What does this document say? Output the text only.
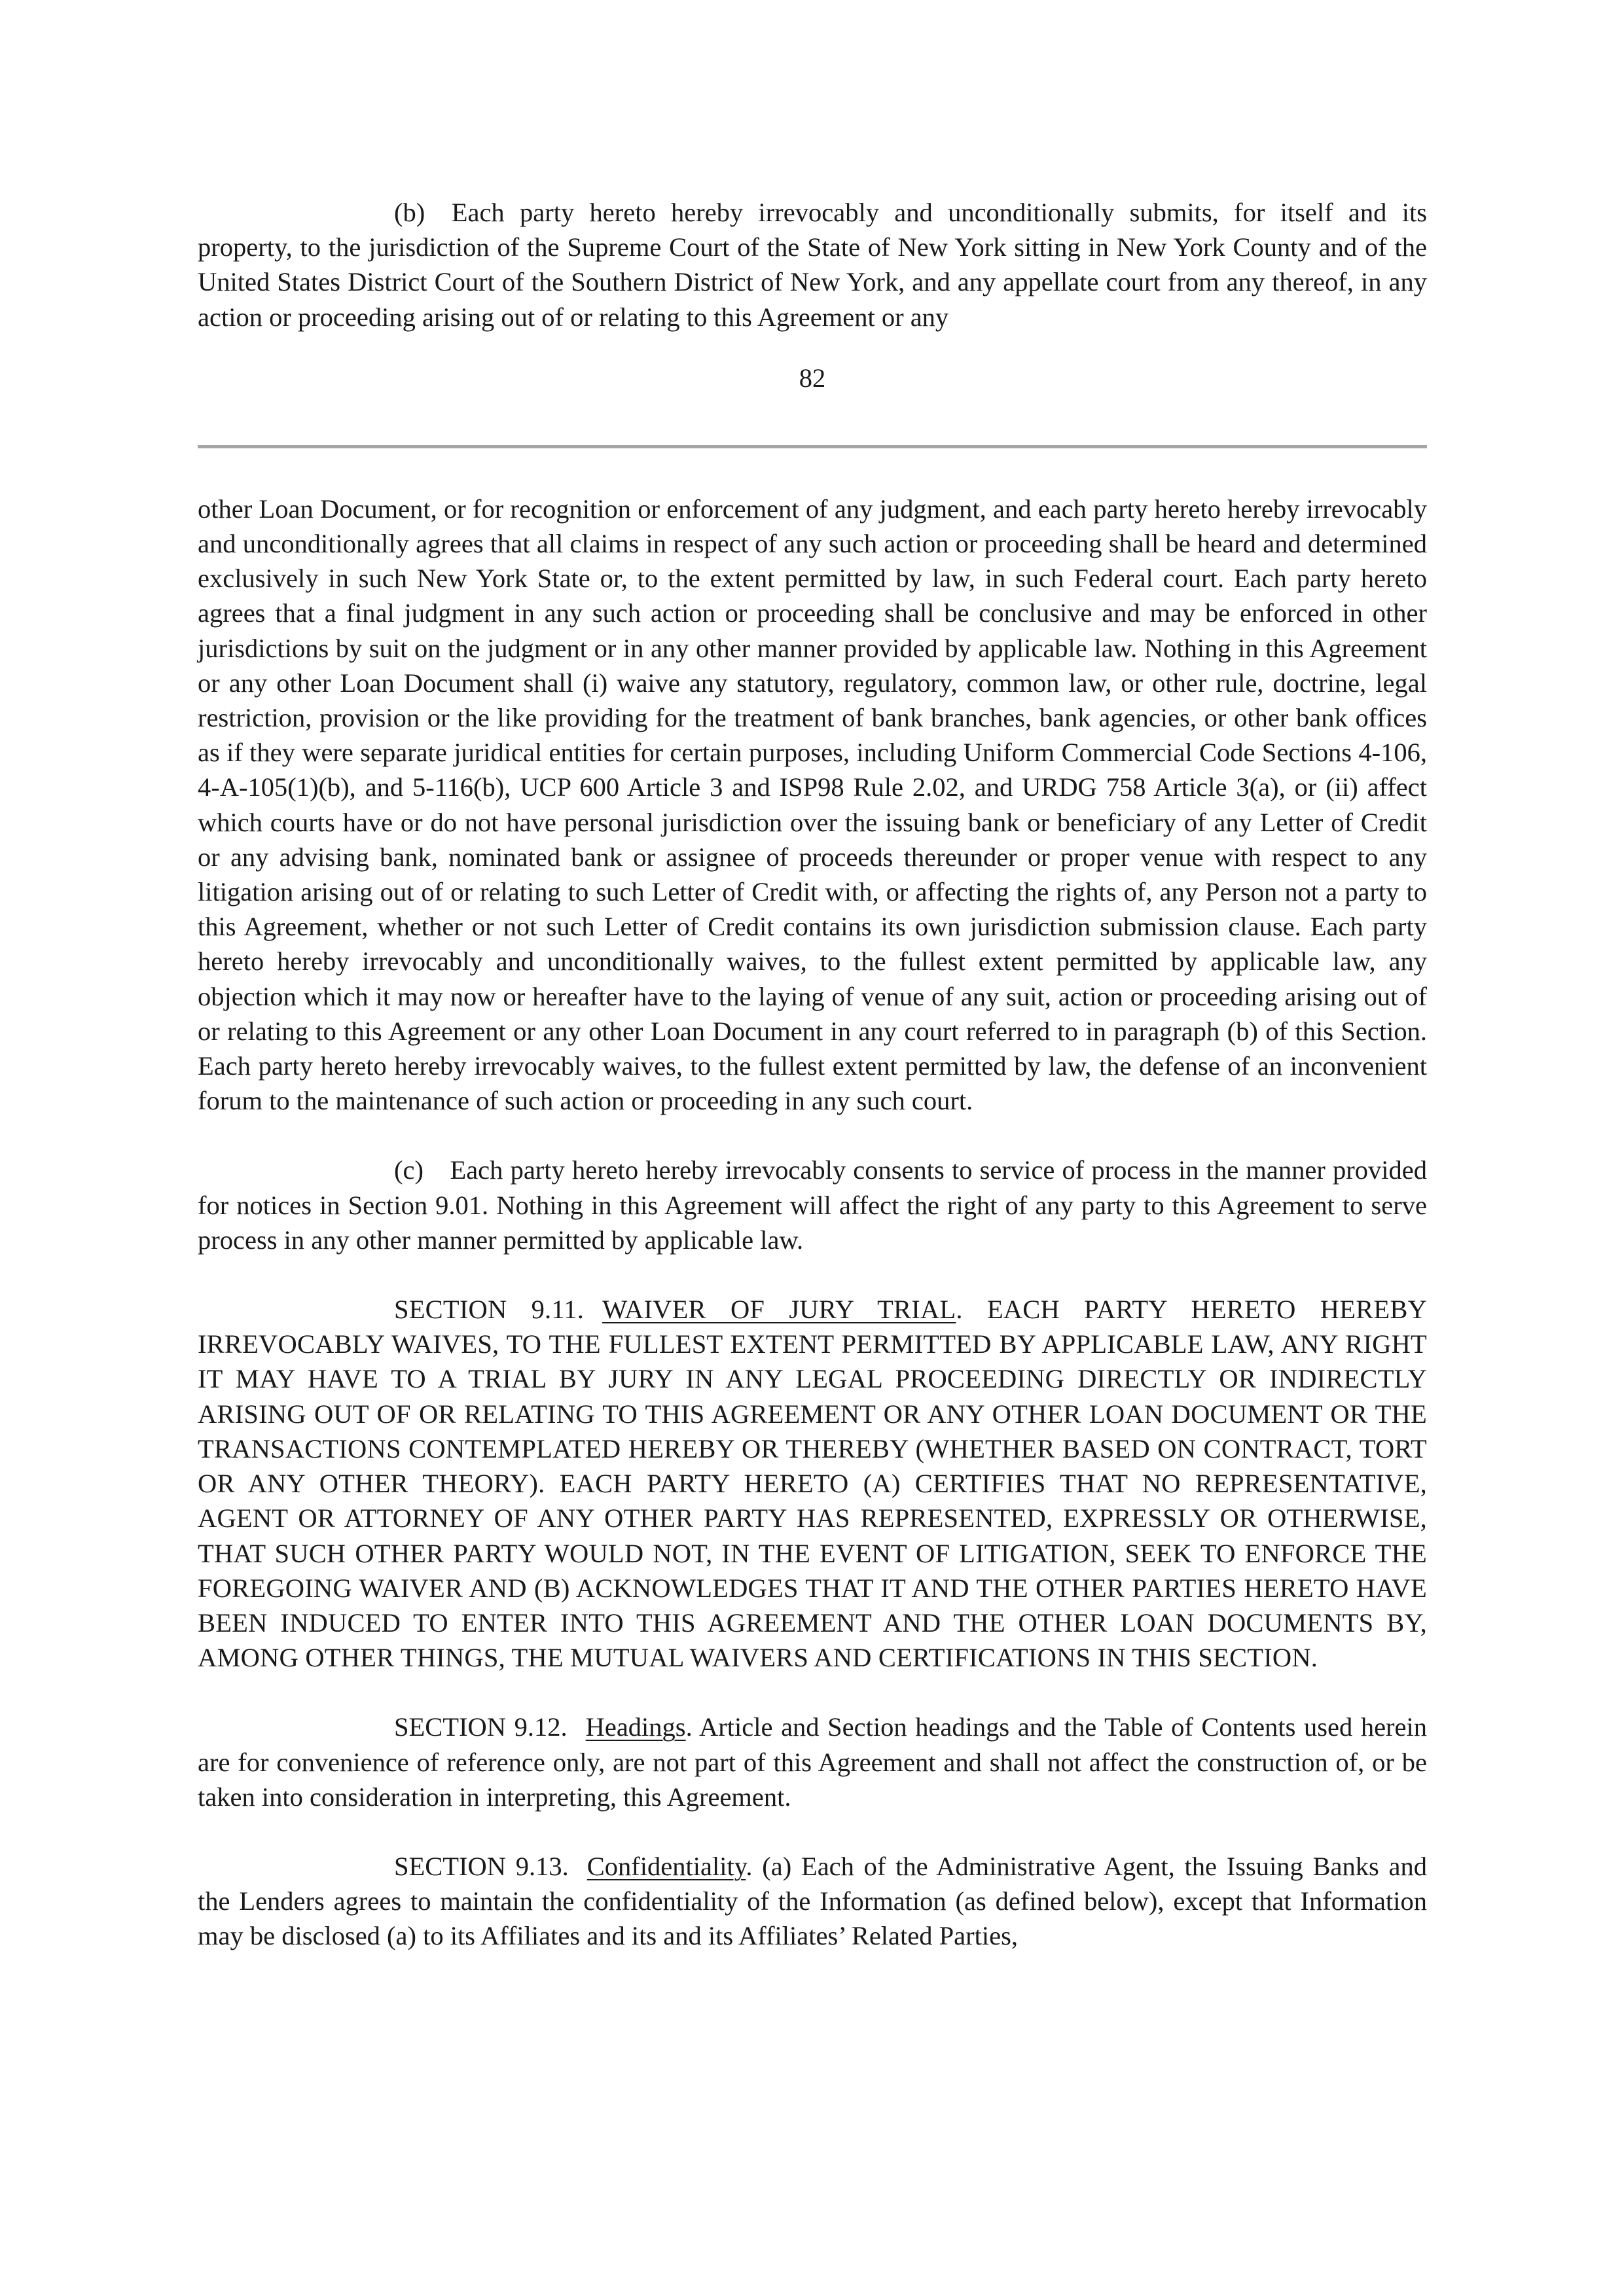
(b) Each party hereto hereby irrevocably and unconditionally submits, for itself and its property, to the jurisdiction of the Supreme Court of the State of New York sitting in New York County and of the United States District Court of the Southern District of New York, and any appellate court from any thereof, in any action or proceeding arising out of or relating to this Agreement or any

82

other Loan Document, or for recognition or enforcement of any judgment, and each party hereto hereby irrevocably and unconditionally agrees that all claims in respect of any such action or proceeding shall be heard and determined exclusively in such New York State or, to the extent permitted by law, in such Federal court. Each party hereto agrees that a final judgment in any such action or proceeding shall be conclusive and may be enforced in other jurisdictions by suit on the judgment or in any other manner provided by applicable law. Nothing in this Agreement or any other Loan Document shall (i) waive any statutory, regulatory, common law, or other rule, doctrine, legal restriction, provision or the like providing for the treatment of bank branches, bank agencies, or other bank offices as if they were separate juridical entities for certain purposes, including Uniform Commercial Code Sections 4-106, 4-A-105(1)(b), and 5-116(b), UCP 600 Article 3 and ISP98 Rule 2.02, and URDG 758 Article 3(a), or (ii) affect which courts have or do not have personal jurisdiction over the issuing bank or beneficiary of any Letter of Credit or any advising bank, nominated bank or assignee of proceeds thereunder or proper venue with respect to any litigation arising out of or relating to such Letter of Credit with, or affecting the rights of, any Person not a party to this Agreement, whether or not such Letter of Credit contains its own jurisdiction submission clause. Each party hereto hereby irrevocably and unconditionally waives, to the fullest extent permitted by applicable law, any objection which it may now or hereafter have to the laying of venue of any suit, action or proceeding arising out of or relating to this Agreement or any other Loan Document in any court referred to in paragraph (b) of this Section. Each party hereto hereby irrevocably waives, to the fullest extent permitted by law, the defense of an inconvenient forum to the maintenance of such action or proceeding in any such court.

(c) Each party hereto hereby irrevocably consents to service of process in the manner provided for notices in Section 9.01. Nothing in this Agreement will affect the right of any party to this Agreement to serve process in any other manner permitted by applicable law.

SECTION 9.11. WAIVER OF JURY TRIAL. EACH PARTY HERETO HEREBY IRREVOCABLY WAIVES, TO THE FULLEST EXTENT PERMITTED BY APPLICABLE LAW, ANY RIGHT IT MAY HAVE TO A TRIAL BY JURY IN ANY LEGAL PROCEEDING DIRECTLY OR INDIRECTLY ARISING OUT OF OR RELATING TO THIS AGREEMENT OR ANY OTHER LOAN DOCUMENT OR THE TRANSACTIONS CONTEMPLATED HEREBY OR THEREBY (WHETHER BASED ON CONTRACT, TORT OR ANY OTHER THEORY). EACH PARTY HERETO (A) CERTIFIES THAT NO REPRESENTATIVE, AGENT OR ATTORNEY OF ANY OTHER PARTY HAS REPRESENTED, EXPRESSLY OR OTHERWISE, THAT SUCH OTHER PARTY WOULD NOT, IN THE EVENT OF LITIGATION, SEEK TO ENFORCE THE FOREGOING WAIVER AND (B) ACKNOWLEDGES THAT IT AND THE OTHER PARTIES HERETO HAVE BEEN INDUCED TO ENTER INTO THIS AGREEMENT AND THE OTHER LOAN DOCUMENTS BY, AMONG OTHER THINGS, THE MUTUAL WAIVERS AND CERTIFICATIONS IN THIS SECTION.

SECTION 9.12. Headings. Article and Section headings and the Table of Contents used herein are for convenience of reference only, are not part of this Agreement and shall not affect the construction of, or be taken into consideration in interpreting, this Agreement.

SECTION 9.13. Confidentiality. (a) Each of the Administrative Agent, the Issuing Banks and the Lenders agrees to maintain the confidentiality of the Information (as defined below), except that Information may be disclosed (a) to its Affiliates and its and its Affiliates’ Related Parties,
